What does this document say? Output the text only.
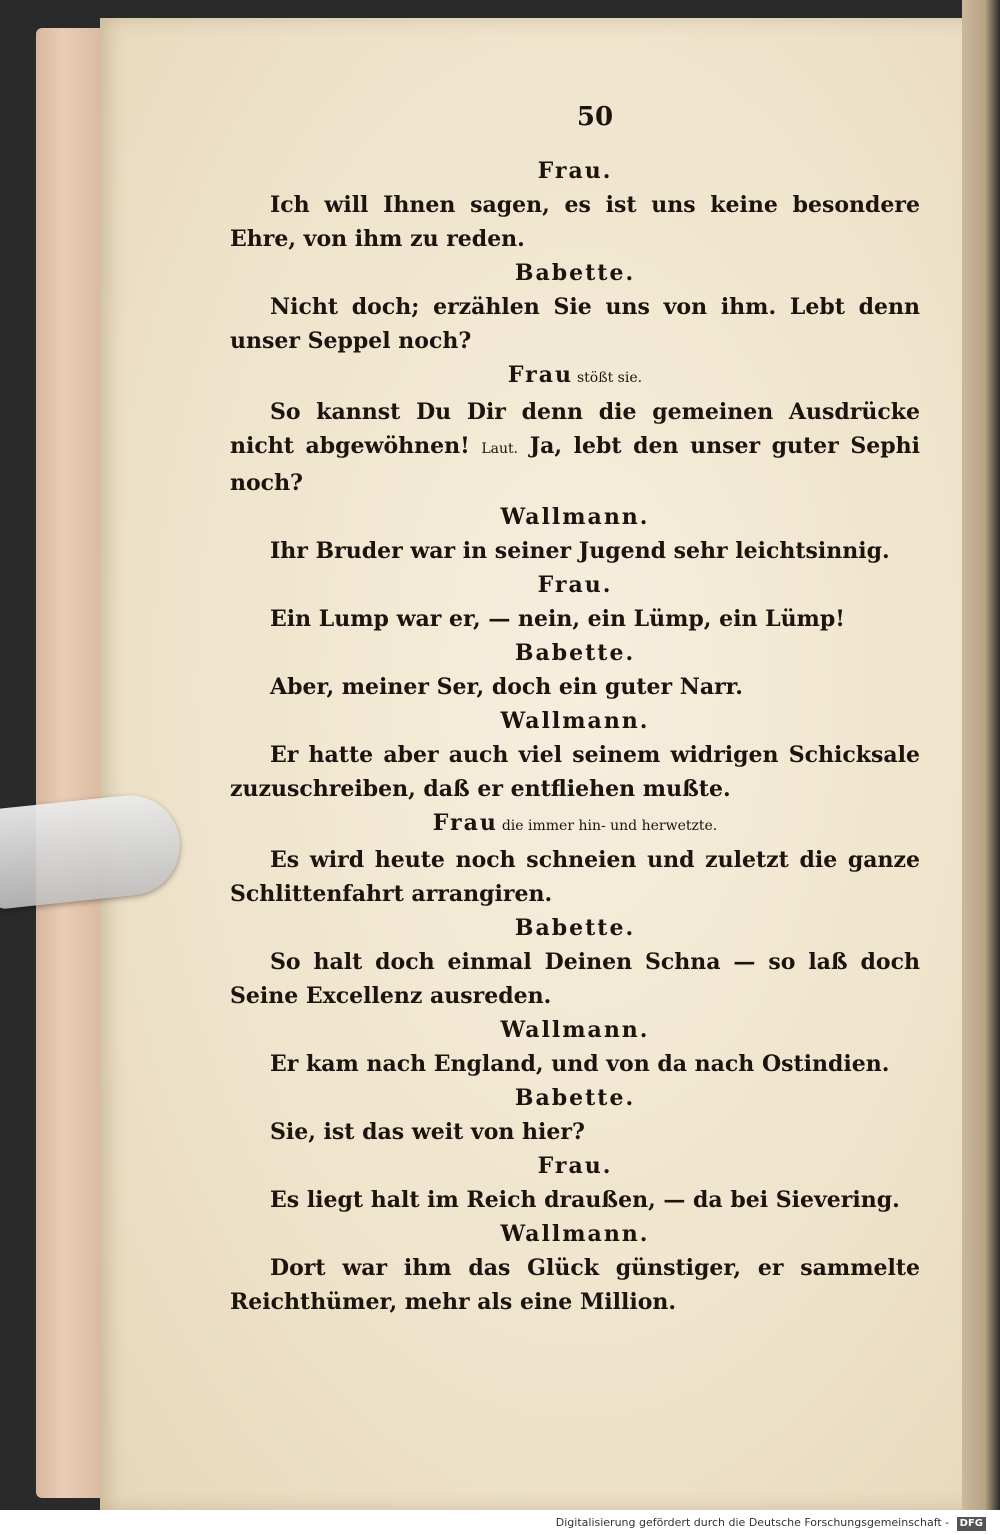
50
Frau.
Ich will Ihnen sagen, es ist uns keine besondere Ehre, von ihm zu reden.
Babette.
Nicht doch; erzählen Sie uns von ihm. Lebt denn unser Seppel noch?
Frau stößt sie.
So kannst Du Dir denn die gemeinen Ausdrücke nicht abgewöhnen! Laut. Ja, lebt den unser guter Sephi noch?
Wallmann.
Ihr Bruder war in seiner Jugend sehr leichtsinnig.
Frau.
Ein Lump war er, — nein, ein Lümp, ein Lümp!
Babette.
Aber, meiner Ser, doch ein guter Narr.
Wallmann.
Er hatte aber auch viel seinem widrigen Schicksale zuzuschreiben, daß er entfliehen mußte.
Frau die immer hin- und herwetzte.
Es wird heute noch schneien und zuletzt die ganze Schlittenfahrt arrangiren.
Babette.
So halt doch einmal Deinen Schna — so laß doch Seine Excellenz ausreden.
Wallmann.
Er kam nach England, und von da nach Ostindien.
Babette.
Sie, ist das weit von hier?
Frau.
Es liegt halt im Reich draußen, — da bei Sievering.
Wallmann.
Dort war ihm das Glück günstiger, er sammelte Reichthümer, mehr als eine Million.
Digitalisierung gefördert durch die Deutsche Forschungsgemeinschaft - DFG
